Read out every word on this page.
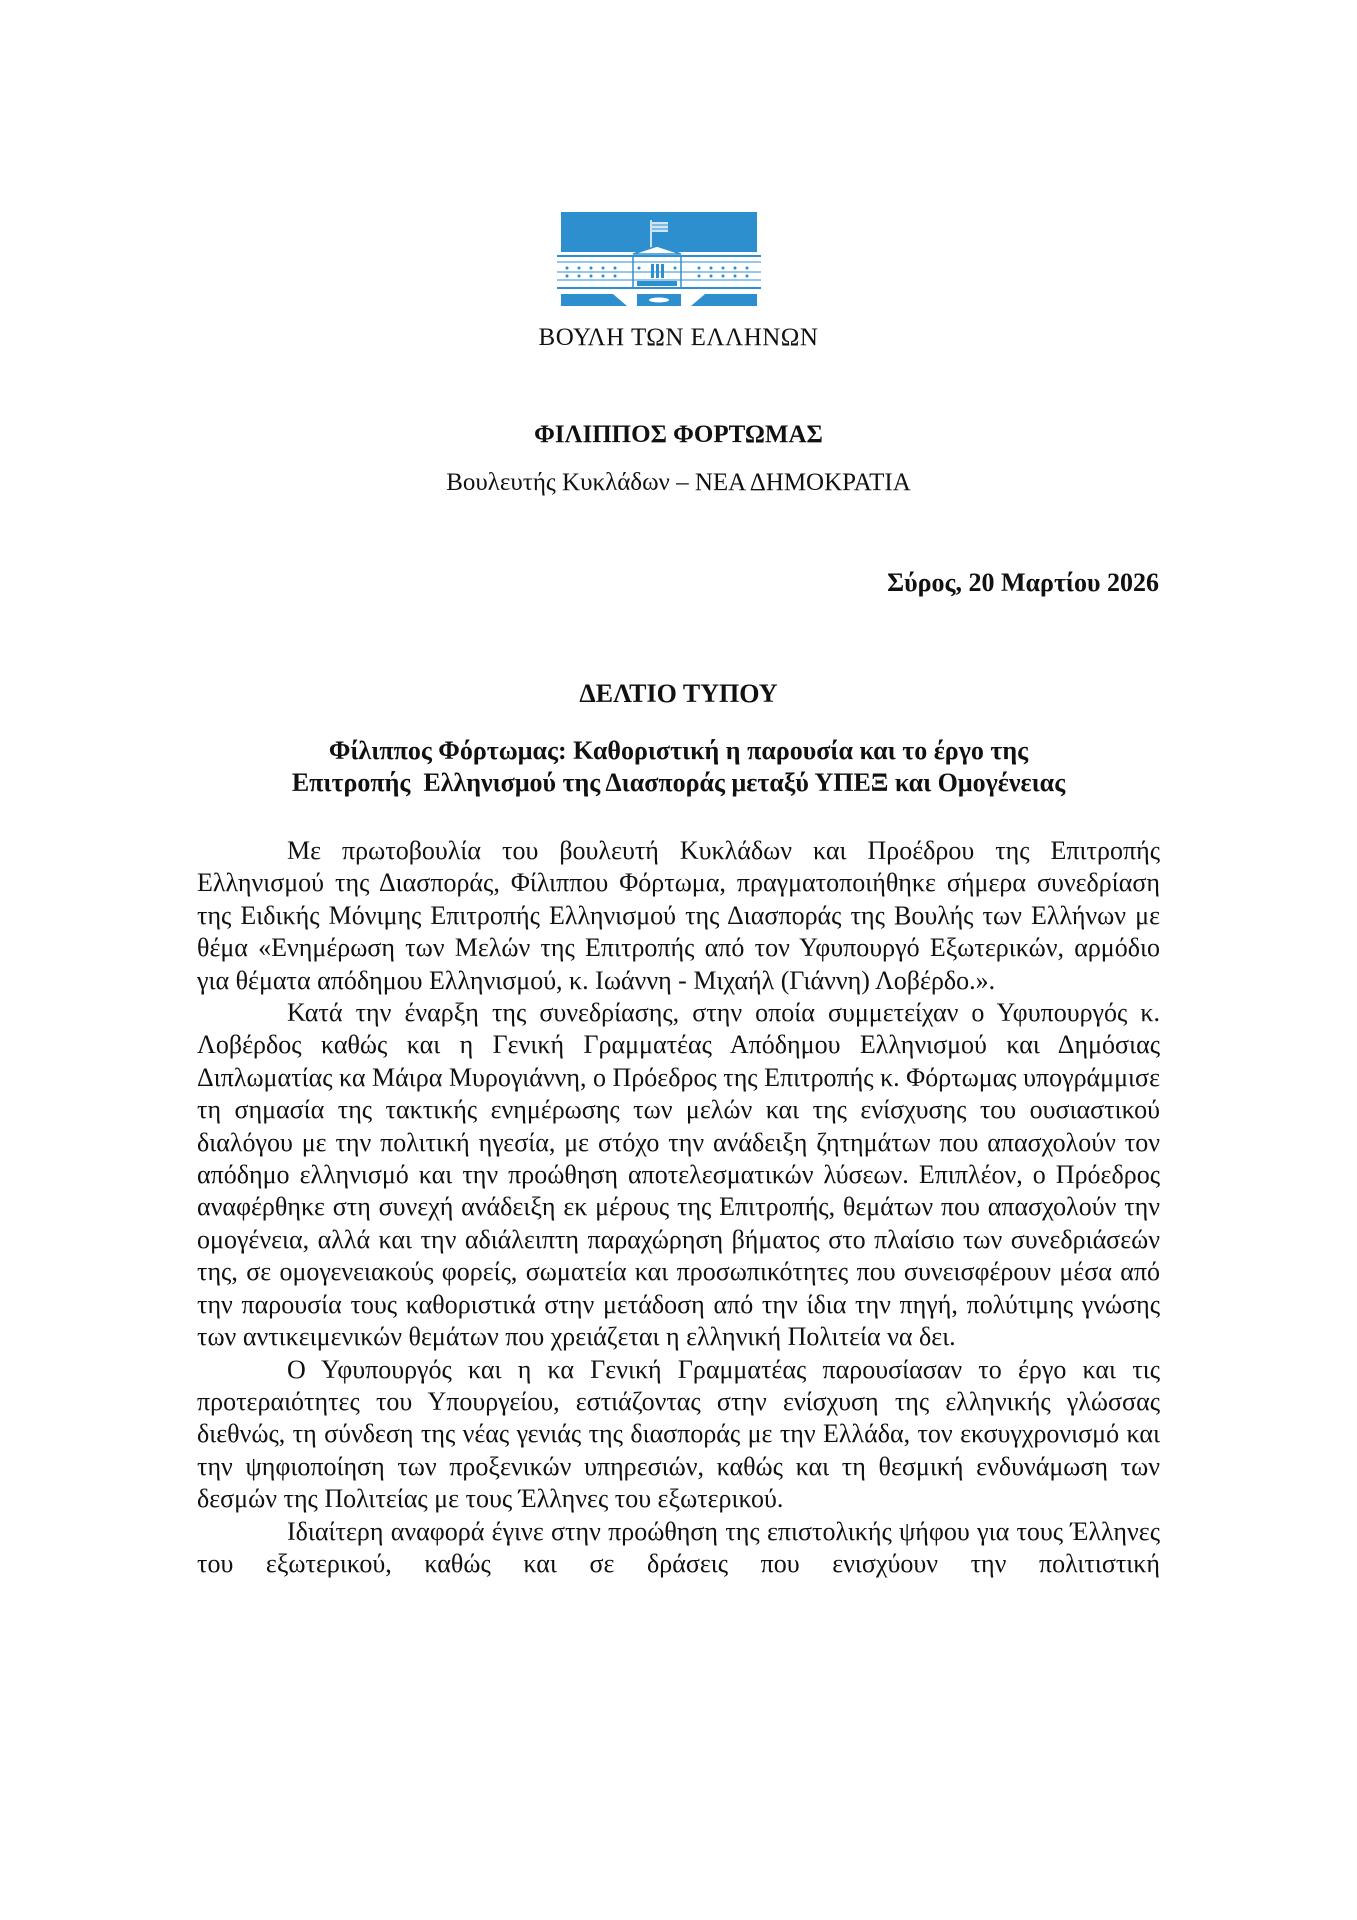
ΒΟΥΛΗ ΤΩΝ ΕΛΛΗΝΩΝ
ΦΙΛΙΠΠΟΣ ΦΟΡΤΩΜΑΣ
Βουλευτής Κυκλάδων – ΝΕΑ ΔΗΜΟΚΡΑΤΙΑ
Σύρος, 20 Μαρτίου 2026
ΔΕΛΤΙΟ ΤΥΠΟΥ
Φίλιππος Φόρτωμας: Καθοριστική η παρουσία και το έργο της
Επιτροπής  Ελληνισμού της Διασποράς μεταξύ ΥΠΕΞ και Ομογένειας

Με πρωτοβουλία του βουλευτή Κυκλάδων και Προέδρου της Επιτροπής Ελληνισμού της Διασποράς, Φίλιππου Φόρτωμα, πραγματοποιήθηκε σήμερα συνεδρίαση της Ειδικής Μόνιμης Επιτροπής Ελληνισμού της Διασποράς της Βουλής των Ελλήνων με θέμα «Ενημέρωση των Μελών της Επιτροπής από τον Υφυπουργό Εξωτερικών, αρμόδιο για θέματα απόδημου Ελληνισμού, κ. Ιωάννη - Μιχαήλ (Γιάννη) Λοβέρδο.».

Κατά την έναρξη της συνεδρίασης, στην οποία συμμετείχαν ο Υφυπουργός κ. Λοβέρδος καθώς και η Γενική Γραμματέας Απόδημου Ελληνισμού και Δημόσιας Διπλωματίας κα Μάιρα Μυρογιάννη, ο Πρόεδρος της Επιτροπής κ. Φόρτωμας υπογράμμισε τη σημασία της τακτικής ενημέρωσης των μελών και της ενίσχυσης του ουσιαστικού διαλόγου με την πολιτική ηγεσία, με στόχο την ανάδειξη ζητημάτων που απασχολούν τον απόδημο ελληνισμό και την προώθηση αποτελεσματικών λύσεων. Επιπλέον, ο Πρόεδρος αναφέρθηκε στη συνεχή ανάδειξη εκ μέρους της Επιτροπής, θεμάτων που απασχολούν την ομογένεια, αλλά και την αδιάλειπτη παραχώρηση βήματος στο πλαίσιο των συνεδριάσεών της, σε ομογενειακούς φορείς, σωματεία και προσωπικότητες που συνεισφέρουν μέσα από την παρουσία τους καθοριστικά στην μετάδοση από την ίδια την πηγή, πολύτιμης γνώσης των αντικειμενικών θεμάτων που χρειάζεται η ελληνική Πολιτεία να δει.

Ο Υφυπουργός και η κα Γενική Γραμματέας παρουσίασαν το έργο και τις προτεραιότητες του Υπουργείου, εστιάζοντας στην ενίσχυση της ελληνικής γλώσσας διεθνώς, τη σύνδεση της νέας γενιάς της διασποράς με την Ελλάδα, τον εκσυγχρονισμό και την ψηφιοποίηση των προξενικών υπηρεσιών, καθώς και τη θεσμική ενδυνάμωση των δεσμών της Πολιτείας με τους Έλληνες του εξωτερικού.

Ιδιαίτερη αναφορά έγινε στην προώθηση της επιστολικής ψήφου για τους Έλληνες του εξωτερικού, καθώς και σε δράσεις που ενισχύουν την πολιτιστική
